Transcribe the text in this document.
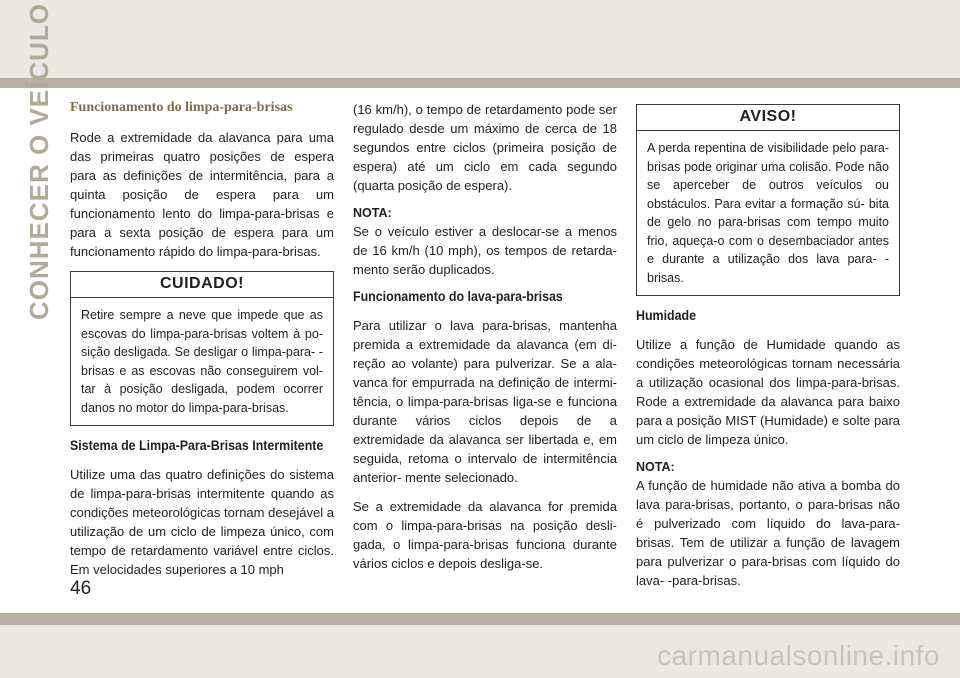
CONHECER O VEÍCULO Funcionamento do limpa-para-brisas

Rode a extremidade da alavanca para uma das primeiras quatro posições de espera para as definições de intermitência, para a quinta posição de espera para um funcionamento lento do limpa-para-brisas e para a sexta posição de espera para um funcionamento rápido do limpa-para-brisas.

CUIDADO!
Retire sempre a neve que impede que as escovas do limpa-para-brisas voltem à po- sição desligada. Se desligar o limpa-para- -brisas e as escovas não conseguirem vol- tar à posição desligada, podem ocorrer danos no motor do limpa-para-brisas.
Sistema de Limpa-Para-Brisas Intermitente

Utilize uma das quatro definições do sistema de limpa-para-brisas intermitente quando as condições meteorológicas tornam desejável a utilização de um ciclo de limpeza único, com tempo de retardamento variável entre ciclos. Em velocidades superiores a 10 mph

(16 km/h), o tempo de retardamento pode ser regulado desde um máximo de cerca de 18 segundos entre ciclos (primeira posição de espera) até um ciclo em cada segundo (quarta posição de espera).

NOTA:

Se o veículo estiver a deslocar-se a menos de 16 km/h (10 mph), os tempos de retarda- mento serão duplicados.

Funcionamento do lava-para-brisas

Para utilizar o lava para-brisas, mantenha premida a extremidade da alavanca (em di- reção ao volante) para pulverizar. Se a ala- vanca for empurrada na definição de intermi- tência, o limpa-para-brisas liga-se e funciona durante vários ciclos depois de a extremidade da alavanca ser libertada e, em seguida, retoma o intervalo de intermitência anterior- mente selecionado.

Se a extremidade da alavanca for premida com o limpa-para-brisas na posição desli- gada, o limpa-para-brisas funciona durante vários ciclos e depois desliga-se.

AVISO!
A perda repentina de visibilidade pelo para-brisas pode originar uma colisão. Pode não se aperceber de outros veículos ou obstáculos. Para evitar a formação sú- bita de gelo no para-brisas com tempo muito frio, aqueça-o com o desembaciador antes e durante a utilização dos lava para- -brisas.
Humidade

Utilize a função de Humidade quando as condições meteorológicas tornam necessária a utilização ocasional dos limpa-para-brisas. Rode a extremidade da alavanca para baixo para a posição MIST (Humidade) e solte para um ciclo de limpeza único.

NOTA:

A função de humidade não ativa a bomba do lava para-brisas, portanto, o para-brisas não é pulverizado com líquido do lava-para-brisas. Tem de utilizar a função de lavagem para pulverizar o para-brisas com líquido do lava- -para-brisas.

46
carmanualsonline.info
